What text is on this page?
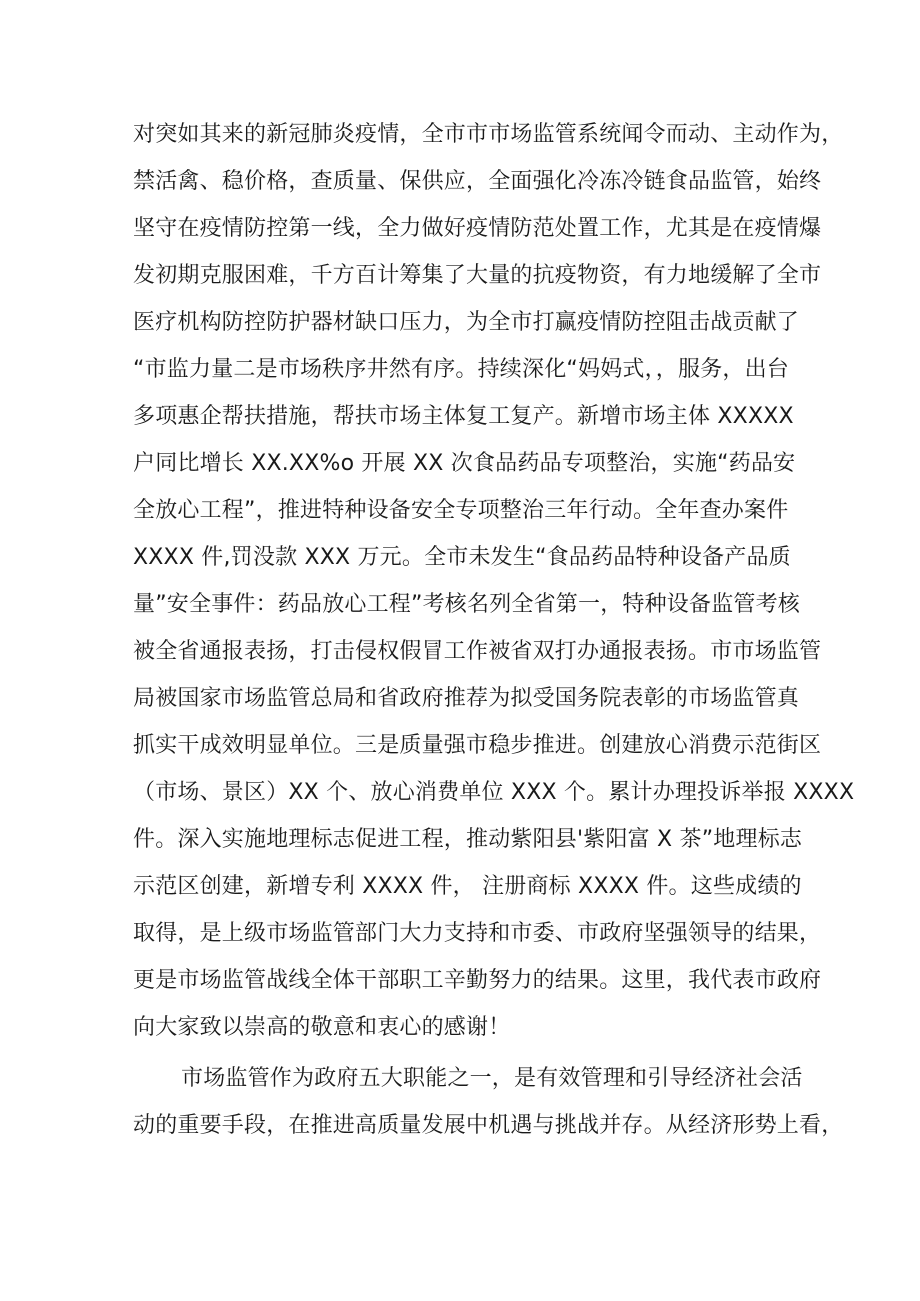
对突如其来的新冠肺炎疫情，全市市市场监管系统闻令而动、主动作为，
禁活禽、稳价格，查质量、保供应，全面强化冷冻冷链食品监管，始终
坚守在疫情防控第一线，全力做好疫情防范处置工作，尤其是在疫情爆
发初期克服困难，千方百计筹集了大量的抗疫物资，有力地缓解了全市
医疗机构防控防护器材缺口压力，为全市打赢疫情防控阻击战贡献了
“市监力量二是市场秩序井然有序。持续深化“妈妈式，，服务，出台
多项惠企帮扶措施，帮扶市场主体复工复产。新增市场主体 XXXXX
户同比增长 XX.XX%o 开展 XX 次食品药品专项整治，实施“药品安
全放心工程”，推进特种设备安全专项整治三年行动。全年查办案件
XXXX 件,罚没款 XXX 万元。全市未发生“食品药品特种设备产品质
量”安全事件：药品放心工程”考核名列全省第一，特种设备监管考核
被全省通报表扬，打击侵权假冒工作被省双打办通报表扬。市市场监管
局被国家市场监管总局和省政府推荐为拟受国务院表彰的市场监管真
抓实干成效明显单位。三是质量强市稳步推进。创建放心消费示范街区
（市场、景区）XX 个、放心消费单位 XXX 个。累计办理投诉举报 XXXX
件。深入实施地理标志促进工程，推动紫阳县'紫阳富 X 茶”地理标志
示范区创建，新增专利 XXXX 件， 注册商标 XXXX 件。这些成绩的
取得，是上级市场监管部门大力支持和市委、市政府坚强领导的结果，
更是市场监管战线全体干部职工辛勤努力的结果。这里，我代表市政府
向大家致以崇高的敬意和衷心的感谢！
市场监管作为政府五大职能之一，是有效管理和引导经济社会活
动的重要手段，在推进高质量发展中机遇与挑战并存。从经济形势上看，
